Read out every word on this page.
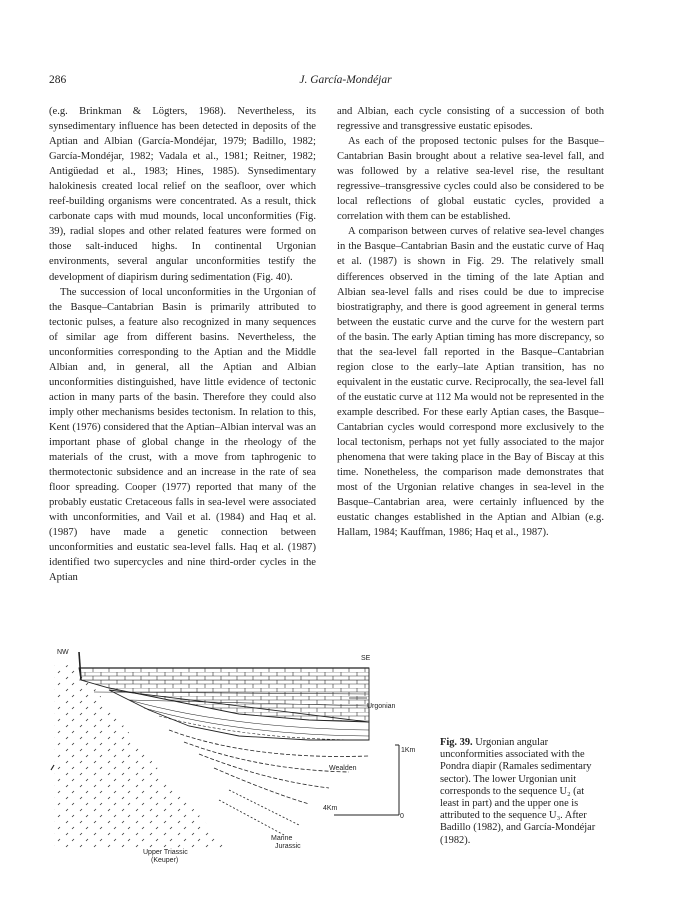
286	J. García-Mondéjar

(e.g. Brinkman & Lögters, 1968). Nevertheless, its synsedimentary influence has been detected in deposits of the Aptian and Albian (García-Mondéjar, 1979; Badillo, 1982; García-Mondéjar, 1982; Vadala et al., 1981; Reitner, 1982; Antigüedad et al., 1983; Hines, 1985). Synsedimentary halokinesis created local relief on the seafloor, over which reef-building organisms were concentrated. As a result, thick carbonate caps with mud mounds, local unconformities (Fig. 39), radial slopes and other related features were formed on those salt-induced highs. In continental Urgonian environments, several angular unconformities testify the development of diapirism during sedimentation (Fig. 40).

The succession of local unconformities in the Urgonian of the Basque–Cantabrian Basin is primarily attributed to tectonic pulses, a feature also recognized in many sequences of similar age from different basins. Nevertheless, the unconformities corresponding to the Aptian and the Middle Albian and, in general, all the Aptian and Albian unconformities distinguished, have little evidence of tectonic action in many parts of the basin. Therefore they could also imply other mechanisms besides tectonism. In relation to this, Kent (1976) considered that the Aptian–Albian interval was an important phase of global change in the rheology of the materials of the crust, with a move from taphrogenic to thermotectonic subsidence and an increase in the rate of sea floor spreading. Cooper (1977) reported that many of the probably eustatic Cretaceous falls in sea-level were associated with unconformities, and Vail et al. (1984) and Haq et al. (1987) have made a genetic connection between unconformities and eustatic sea-level falls. Haq et al. (1987) identified two supercycles and nine third-order cycles in the Aptian

and Albian, each cycle consisting of a succession of both regressive and transgressive eustatic episodes.

As each of the proposed tectonic pulses for the Basque–Cantabrian Basin brought about a relative sea-level fall, and was followed by a relative sea-level rise, the resultant regressive–transgressive cycles could also be considered to be local reflections of global eustatic cycles, provided a correlation with them can be established.

A comparison between curves of relative sea-level changes in the Basque–Cantabrian Basin and the eustatic curve of Haq et al. (1987) is shown in Fig. 29. The relatively small differences observed in the timing of the late Aptian and Albian sea-level falls and rises could be due to imprecise biostratigraphy, and there is good agreement in general terms between the eustatic curve and the curve for the western part of the basin. The early Aptian timing has more discrepancy, so that the sea-level fall reported in the Basque–Cantabrian region close to the early–late Aptian transition, has no equivalent in the eustatic curve. Reciprocally, the sea-level fall of the eustatic curve at 112 Ma would not be represented in the example described. For these early Aptian cases, the Basque–Cantabrian cycles would correspond more exclusively to the local tectonism, perhaps not yet fully associated to the major phenomena that were taking place in the Bay of Biscay at this time. Nonetheless, the comparison made demonstrates that most of the Urgonian relative changes in sea-level in the Basque–Cantabrian area, were certainly influenced by the eustatic changes established in the Aptian and Albian (e.g. Hallam, 1984; Kauffman, 1986; Haq et al., 1987).

NW
SE
Urgonian
Wealden
Marine
Jurassic
Upper Triassic
(Keuper)
1Km
4Km
0
Fig. 39. Urgonian angular unconformities associated with the Pondra diapir (Ramales sedimentary sector). The lower Urgonian unit corresponds to the sequence U₂ (at least in part) and the upper one is attributed to the sequence U₃. After Badillo (1982), and García-Mondéjar (1982).
